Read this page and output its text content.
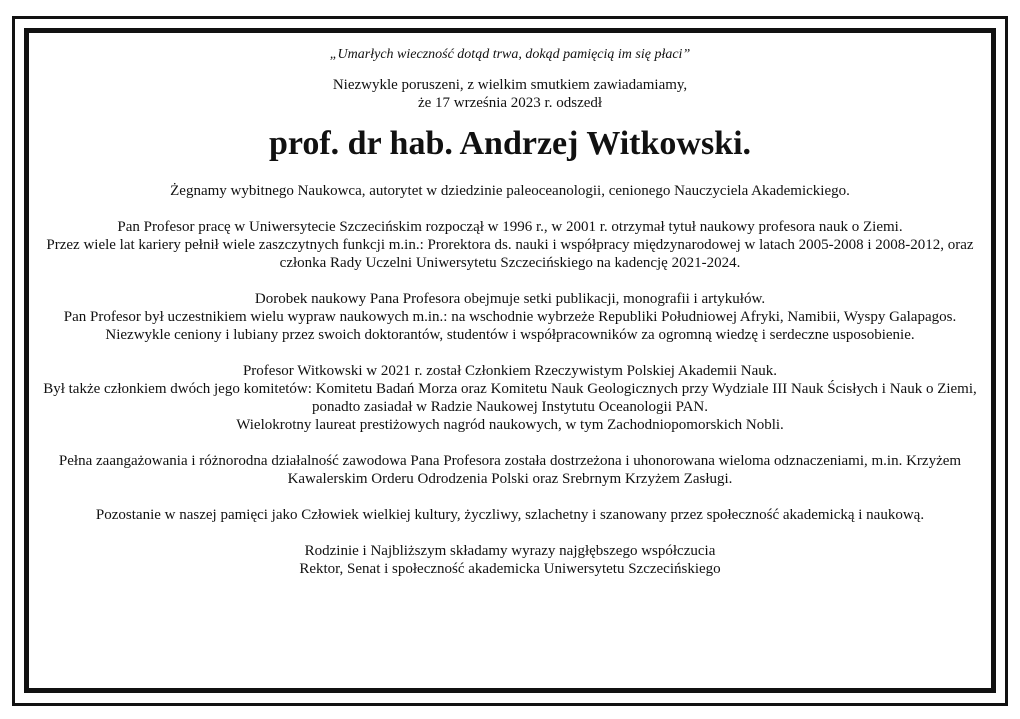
„Umarłych wieczność dotąd trwa, dokąd pamięcią im się płaci”

Niezwykle poruszeni, z wielkim smutkiem zawiadamiamy,

że 17 września 2023 r. odszedł

prof. dr hab. Andrzej Witkowski.

Żegnamy wybitnego Naukowca, autorytet w dziedzinie paleoceanologii, cenionego Nauczyciela Akademickiego.

Pan Profesor pracę w Uniwersytecie Szczecińskim rozpoczął w 1996 r., w 2001 r. otrzymał tytuł naukowy profesora nauk o Ziemi.

Przez wiele lat kariery pełnił wiele zaszczytnych funkcji m.in.: Prorektora ds. nauki i współpracy międzynarodowej w latach 2005-2008 i 2008-2012, oraz członka Rady Uczelni Uniwersytetu Szczecińskiego na kadencję 2021-2024.

Dorobek naukowy Pana Profesora obejmuje setki publikacji, monografii i artykułów.

Pan Profesor był uczestnikiem wielu wypraw naukowych m.in.: na wschodnie wybrzeże Republiki Południowej Afryki, Namibii, Wyspy Galapagos.

Niezwykle ceniony i lubiany przez swoich doktorantów, studentów i współpracowników za ogromną wiedzę i serdeczne usposobienie.

Profesor Witkowski w 2021 r. został Członkiem Rzeczywistym Polskiej Akademii Nauk.

Był także członkiem dwóch jego komitetów: Komitetu Badań Morza oraz Komitetu Nauk Geologicznych przy Wydziale III Nauk Ścisłych i Nauk o Ziemi, ponadto zasiadał w Radzie Naukowej Instytutu Oceanologii PAN.

Wielokrotny laureat prestiżowych nagród naukowych, w tym Zachodniopomorskich Nobli.

Pełna zaangażowania i różnorodna działalność zawodowa Pana Profesora została dostrzeżona i uhonorowana wieloma odznaczeniami, m.in. Krzyżem Kawalerskim Orderu Odrodzenia Polski oraz Srebrnym Krzyżem Zasługi.

Pozostanie w naszej pamięci jako Człowiek wielkiej kultury, życzliwy, szlachetny i szanowany przez społeczność akademicką i naukową.

Rodzinie i Najbliższym składamy wyrazy najgłębszego współczucia

Rektor, Senat i społeczność akademicka Uniwersytetu Szczecińskiego
